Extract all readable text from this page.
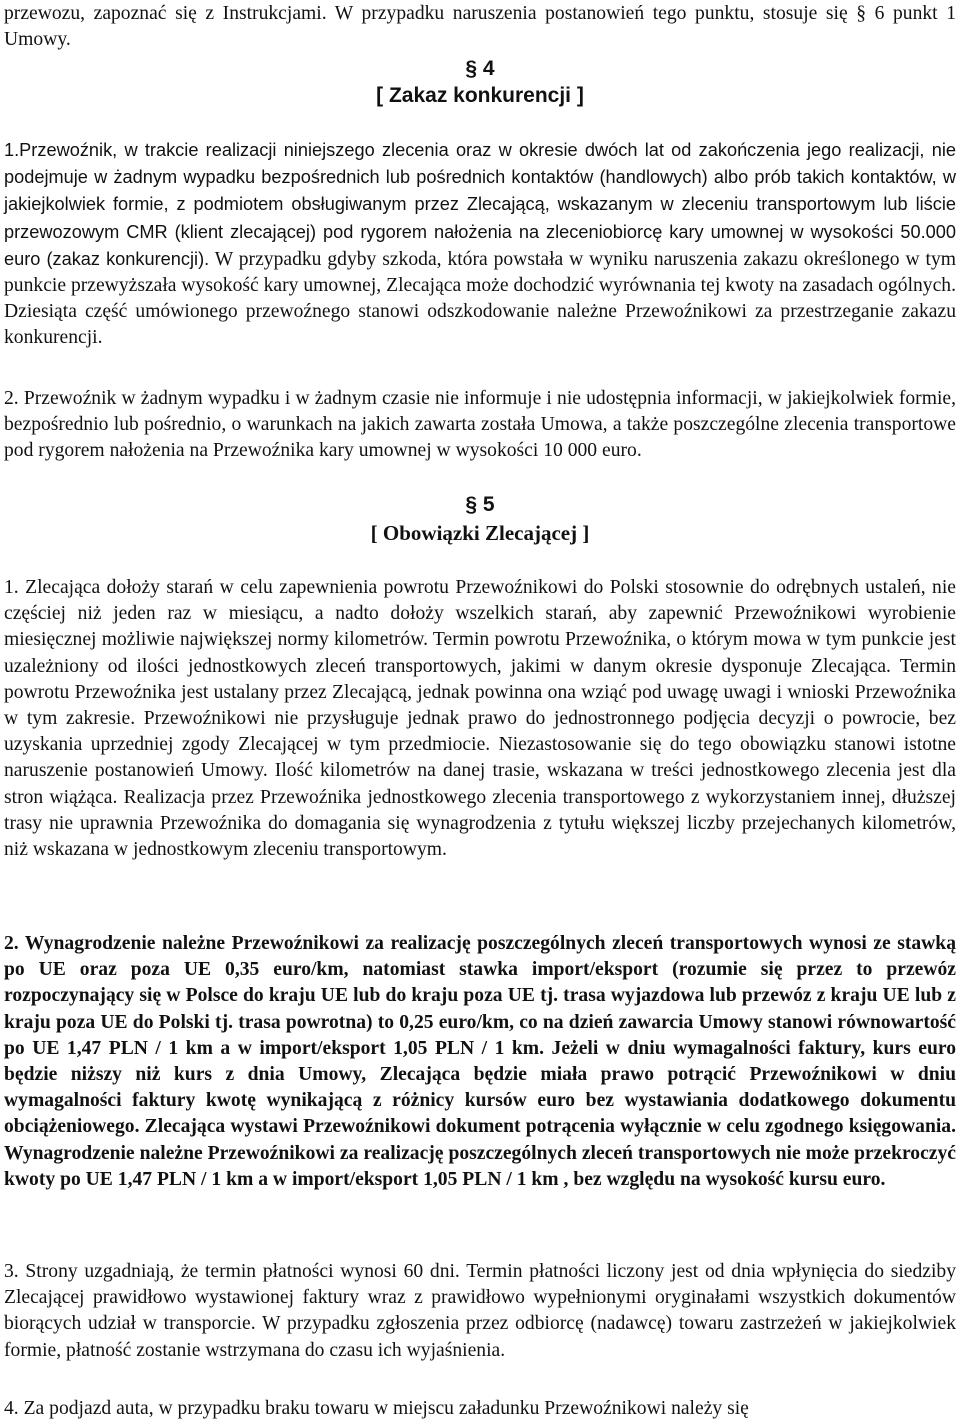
przewozu, zapoznać się z Instrukcjami. W przypadku naruszenia postanowień tego punktu, stosuje się § 6 punkt 1 Umowy.

§ 4
[ Zakaz konkurencji ]

1.Przewoźnik, w trakcie realizacji niniejszego zlecenia oraz w okresie dwóch lat od zakończenia jego realizacji, nie podejmuje w żadnym wypadku bezpośrednich lub pośrednich kontaktów (handlowych) albo prób takich kontaktów, w jakiejkolwiek formie, z podmiotem obsługiwanym przez Zlecającą, wskazanym w zleceniu transportowym lub liście przewozowym CMR (klient zlecającej) pod rygorem nałożenia na zleceniobiorcę kary umownej w wysokości 50.000 euro (zakaz konkurencji). W przypadku gdyby szkoda, która powstała w wyniku naruszenia zakazu określonego w tym punkcie przewyższała wysokość kary umownej, Zlecająca może dochodzić wyrównania tej kwoty na zasadach ogólnych. Dziesiąta część umówionego przewoźnego stanowi odszkodowanie należne Przewoźnikowi za przestrzeganie zakazu konkurencji.

2. Przewoźnik w żadnym wypadku i w żadnym czasie nie informuje i nie udostępnia informacji, w jakiejkolwiek formie, bezpośrednio lub pośrednio, o warunkach na jakich zawarta została Umowa, a także poszczególne zlecenia transportowe pod rygorem nałożenia na Przewoźnika kary umownej w wysokości 10 000 euro.

§ 5
[ Obowiązki Zlecającej ]

1. Zlecająca dołoży starań w celu zapewnienia powrotu Przewoźnikowi do Polski stosownie do odrębnych ustaleń, nie częściej niż jeden raz w miesiącu, a nadto dołoży wszelkich starań, aby zapewnić Przewoźnikowi wyrobienie miesięcznej możliwie największej normy kilometrów. Termin powrotu Przewoźnika, o którym mowa w tym punkcie jest uzależniony od ilości jednostkowych zleceń transportowych, jakimi w danym okresie dysponuje Zlecająca. Termin powrotu Przewoźnika jest ustalany przez Zlecającą, jednak powinna ona wziąć pod uwagę uwagi i wnioski Przewoźnika w tym zakresie. Przewoźnikowi nie przysługuje jednak prawo do jednostronnego podjęcia decyzji o powrocie, bez uzyskania uprzedniej zgody Zlecającej w tym przedmiocie. Niezastosowanie się do tego obowiązku stanowi istotne naruszenie postanowień Umowy. Ilość kilometrów na danej trasie, wskazana w treści jednostkowego zlecenia jest dla stron wiążąca. Realizacja przez Przewoźnika jednostkowego zlecenia transportowego z wykorzystaniem innej, dłuższej trasy nie uprawnia Przewoźnika do domagania się wynagrodzenia z tytułu większej liczby przejechanych kilometrów, niż wskazana w jednostkowym zleceniu transportowym.

2. Wynagrodzenie należne Przewoźnikowi za realizację poszczególnych zleceń transportowych wynosi ze stawką po UE oraz poza UE 0,35 euro/km, natomiast stawka import/eksport (rozumie się przez to przewóz rozpoczynający się w Polsce do kraju UE lub do kraju poza UE tj. trasa wyjazdowa lub przewóz z kraju UE lub z kraju poza UE do Polski tj. trasa powrotna) to 0,25 euro/km, co na dzień zawarcia Umowy stanowi równowartość po UE 1,47 PLN / 1 km a w import/eksport 1,05 PLN / 1 km. Jeżeli w dniu wymagalności faktury, kurs euro będzie niższy niż kurs z dnia Umowy, Zlecająca będzie miała prawo potrącić Przewoźnikowi w dniu wymagalności faktury kwotę wynikającą z różnicy kursów euro bez wystawiania dodatkowego dokumentu obciążeniowego. Zlecająca wystawi Przewoźnikowi dokument potrącenia wyłącznie w celu zgodnego księgowania. Wynagrodzenie należne Przewoźnikowi za realizację poszczególnych zleceń transportowych nie może przekroczyć kwoty po UE 1,47 PLN / 1 km a w import/eksport 1,05 PLN / 1 km , bez względu na wysokość kursu euro.

3. Strony uzgadniają, że termin płatności wynosi 60 dni. Termin płatności liczony jest od dnia wpłynięcia do siedziby Zlecającej prawidłowo wystawionej faktury wraz z prawidłowo wypełnionymi oryginałami wszystkich dokumentów biorących udział w transporcie. W przypadku zgłoszenia przez odbiorcę (nadawcę) towaru zastrzeżeń w jakiejkolwiek formie, płatność zostanie wstrzymana do czasu ich wyjaśnienia.

4. Za podjazd auta, w przypadku braku towaru w miejscu załadunku Przewoźnikowi należy się
